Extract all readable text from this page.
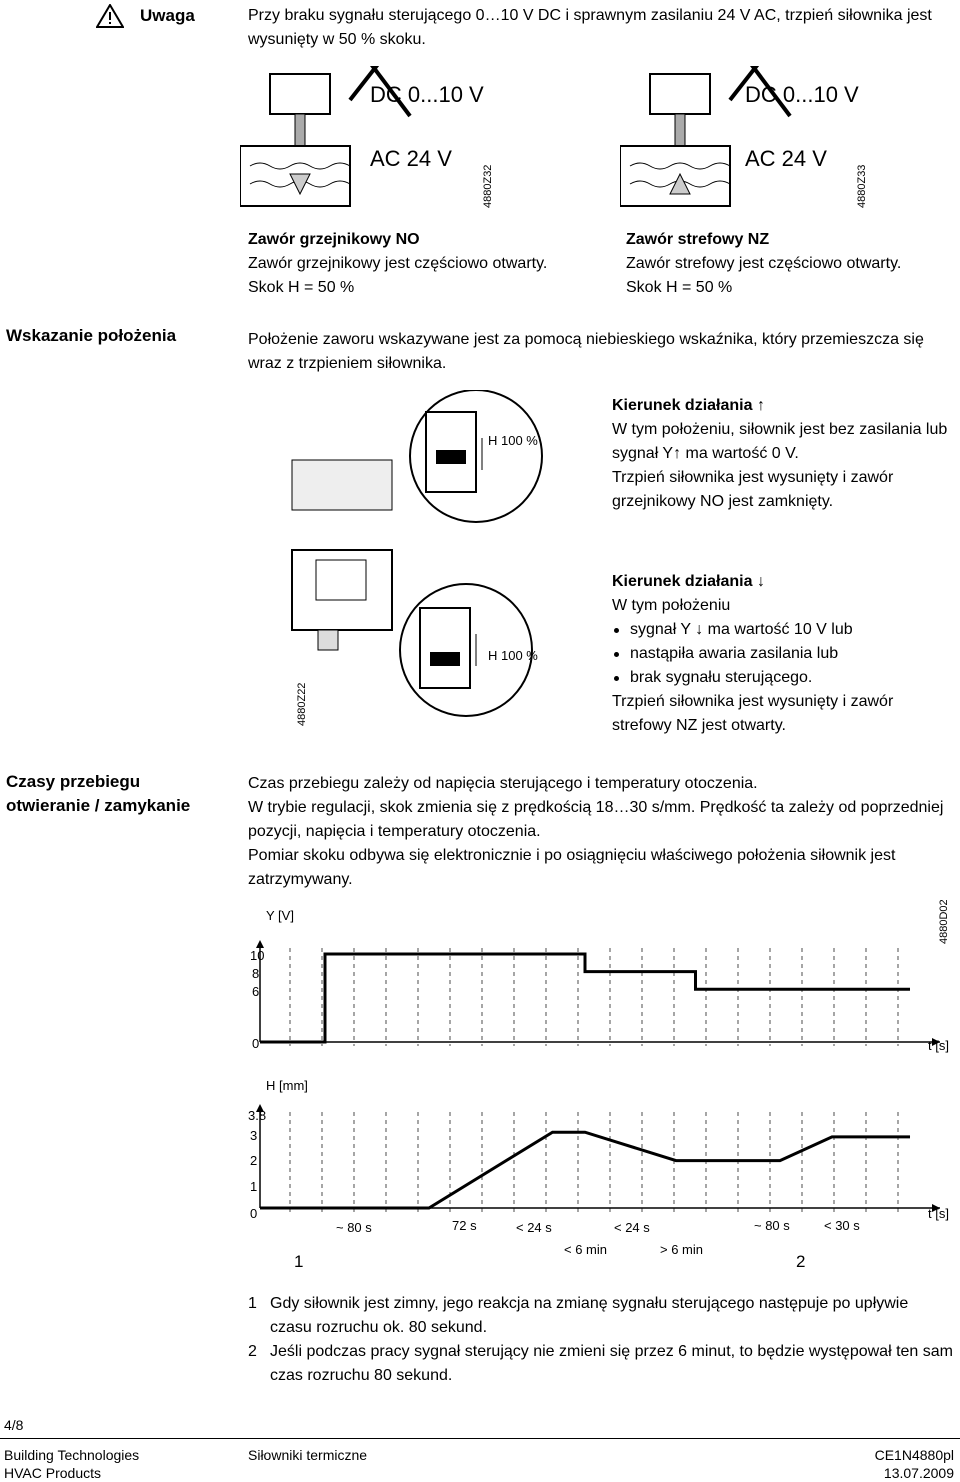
Uwaga	Przy braku sygnału sterującego 0…10 V DC i sprawnym zasilaniu 24 V AC, trzpień siłownika jest wysunięty w 50 % skoku.
DC 0...10 V
AC 24 V
4880Z32
DC 0...10 V
AC 24 V
4880Z33
Zawór grzejnikowy NO
Zawór grzejnikowy jest częściowo otwarty.
Skok H = 50 %
Zawór strefowy NZ
Zawór strefowy jest częściowo otwarty.
Skok H = 50 %
Wskazanie położenia	Położenie zaworu wskazywane jest za pomocą niebieskiego wskaźnika, który przemieszcza się wraz z trzpieniem siłownika.
H 100 %
H 100 %
4880Z22
Kierunek działania ↑
W tym położeniu, siłownik jest bez zasilania lub sygnał Y↑ ma wartość 0 V.
Trzpień siłownika jest wysunięty i zawór grzejnikowy NO jest zamknięty.
Kierunek działania ↓
W tym położeniu
sygnał Y ↓ ma wartość 10 V lub
nastąpiła awaria zasilania lub
brak sygnału sterującego.
Trzpień siłownika jest wysunięty i zawór strefowy NZ jest otwarty.
Czasy przebiegu
otwieranie / zamykanie
Czas przebiegu zależy od napięcia sterującego i temperatury otoczenia.
W trybie regulacji, skok zmienia się z prędkością 18…30 s/mm. Prędkość ta zależy od poprzedniej pozycji, napięcia i temperatury otoczenia.
Pomiar skoku odbywa się elektronicznie i po osiągnięciu właściwego położenia siłownik jest zatrzymywany.
Y [V]
t [s]
10
8
6
0
4880D02
H [mm]
t [s]
3.8
3
2
1
0
~ 80 s	72 s	< 24 s	< 24 s	~ 80 s	< 30 s
< 6 min	> 6 min
1	2
1 Gdy siłownik jest zimny, jego reakcja na zmianę sygnału sterującego następuje po upływie czasu rozruchu ok. 80 sekund.
2 Jeśli podczas pracy sygnał sterujący nie zmieni się przez 6 minut, to będzie występował ten sam czas rozruchu 80 sekund.
4/8
Building Technologies
HVAC Products
Siłowniki termiczne	CE1N4880pl
13.07.2009
